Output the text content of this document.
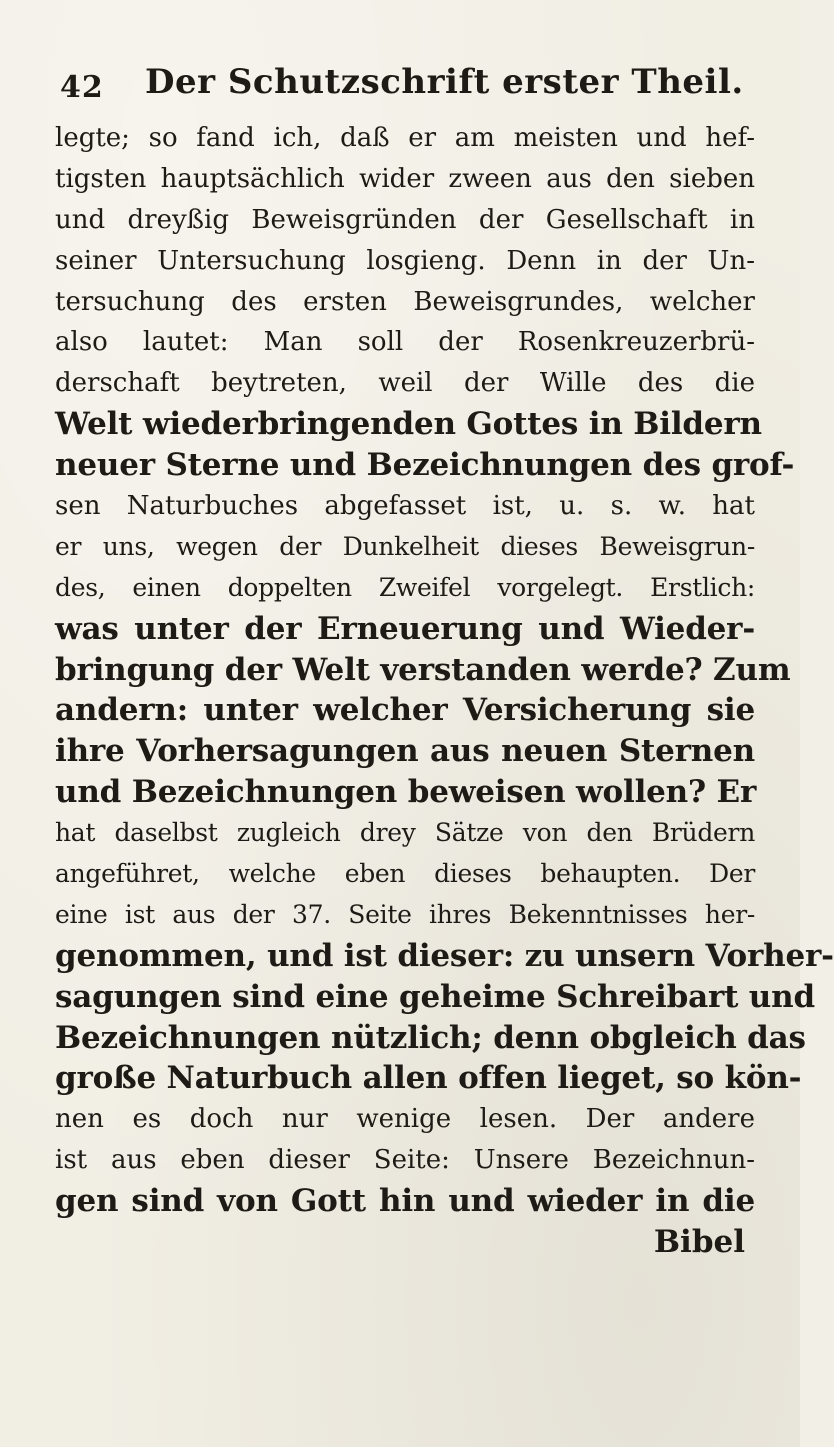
42 Der Schutzschrift erster Theil.
legte; so fand ich, daß er am meisten und hef-
tigsten hauptsächlich wider zween aus den sieben
und dreyßig Beweisgründen der Gesellschaft in
seiner Untersuchung losgieng. Denn in der Un-
tersuchung des ersten Beweisgrundes, welcher
also lautet: Man soll der Rosenkreuzerbrü-
derschaft beytreten, weil der Wille des die
Welt wiederbringenden Gottes in Bildern
neuer Sterne und Bezeichnungen des grof-
sen Naturbuches abgefasset ist, u. s. w. hat
er uns, wegen der Dunkelheit dieses Beweisgrun-
des, einen doppelten Zweifel vorgelegt. Erstlich:
was unter der Erneuerung und Wieder-
bringung der Welt verstanden werde? Zum
andern: unter welcher Versicherung sie
ihre Vorhersagungen aus neuen Sternen
und Bezeichnungen beweisen wollen? Er
hat daselbst zugleich drey Sätze von den Brüdern
angeführet, welche eben dieses behaupten. Der
eine ist aus der 37. Seite ihres Bekenntnisses her-
genommen, und ist dieser: zu unsern Vorher-
sagungen sind eine geheime Schreibart und
Bezeichnungen nützlich; denn obgleich das
große Naturbuch allen offen lieget, so kön-
nen es doch nur wenige lesen. Der andere
ist aus eben dieser Seite: Unsere Bezeichnun-
gen sind von Gott hin und wieder in die
Bibel
